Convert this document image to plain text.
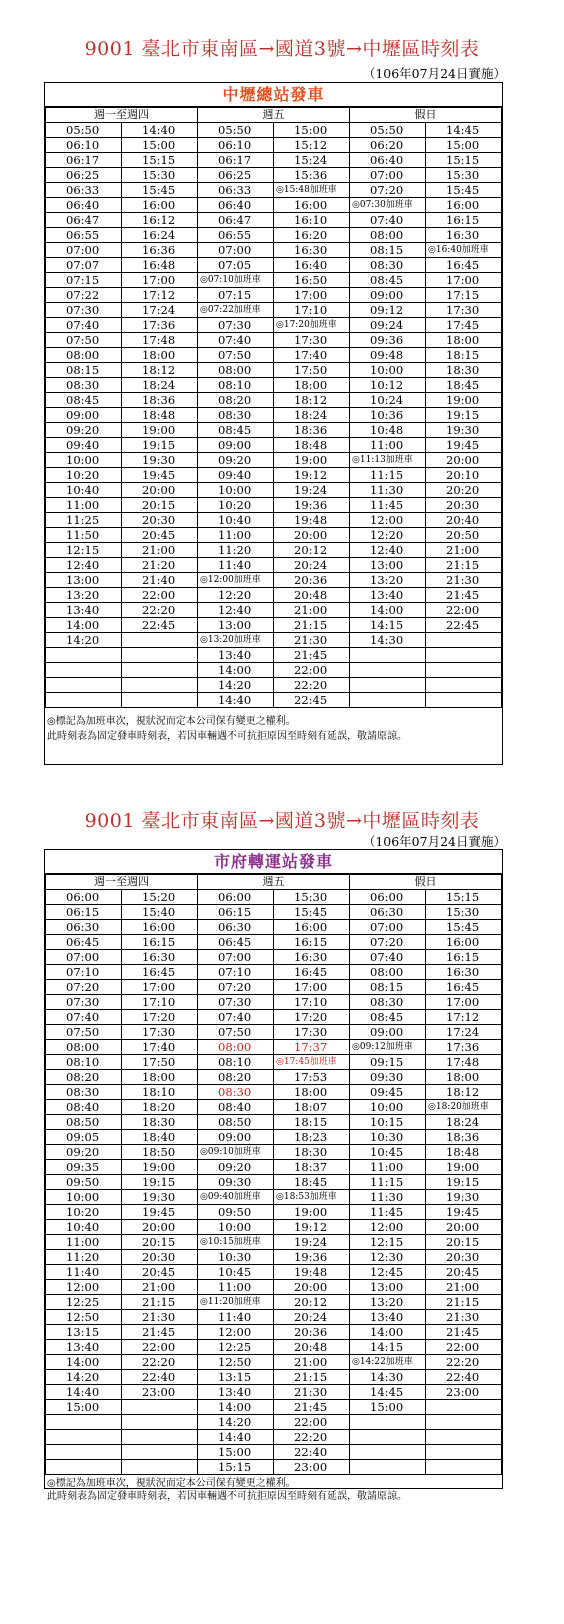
9001 臺北市東南區→國道3號→中壢區時刻表
（106年07月24日實施）
中壢總站發車
週一至週四		週五		假日	
05:50	14:40	05:50	15:00	05:50	14:45
06:10	15:00	06:10	15:12	06:20	15:00
06:17	15:15	06:17	15:24	06:40	15:15
06:25	15:30	06:25	15:36	07:00	15:30
06:33	15:45	06:33	◎15:48加班車	07:20	15:45
06:40	16:00	06:40	16:00	◎07:30加班車	16:00
06:47	16:12	06:47	16:10	07:40	16:15
06:55	16:24	06:55	16:20	08:00	16:30
07:00	16:36	07:00	16:30	08:15	◎16:40加班車
07:07	16:48	07:05	16:40	08:30	16:45
07:15	17:00	◎07:10加班車	16:50	08:45	17:00
07:22	17:12	07:15	17:00	09:00	17:15
07:30	17:24	◎07:22加班車	17:10	09:12	17:30
07:40	17:36	07:30	◎17:20加班車	09:24	17:45
07:50	17:48	07:40	17:30	09:36	18:00
08:00	18:00	07:50	17:40	09:48	18:15
08:15	18:12	08:00	17:50	10:00	18:30
08:30	18:24	08:10	18:00	10:12	18:45
08:45	18:36	08:20	18:12	10:24	19:00
09:00	18:48	08:30	18:24	10:36	19:15
09:20	19:00	08:45	18:36	10:48	19:30
09:40	19:15	09:00	18:48	11:00	19:45
10:00	19:30	09:20	19:00	◎11:13加班車	20:00
10:20	19:45	09:40	19:12	11:15	20:10
10:40	20:00	10:00	19:24	11:30	20:20
11:00	20:15	10:20	19:36	11:45	20:30
11:25	20:30	10:40	19:48	12:00	20:40
11:50	20:45	11:00	20:00	12:20	20:50
12:15	21:00	11:20	20:12	12:40	21:00
12:40	21:20	11:40	20:24	13:00	21:15
13:00	21:40	◎12:00加班車	20:36	13:20	21:30
13:20	22:00	12:20	20:48	13:40	21:45
13:40	22:20	12:40	21:00	14:00	22:00
14:00	22:45	13:00	21:15	14:15	22:45
14:20		◎13:20加班車	21:30	14:30	
		13:40	21:45		
		14:00	22:00		
		14:20	22:20		
		14:40	22:45		
◎標記為加班車次，視狀況而定本公司保有變更之權利。
此時刻表為固定發車時刻表，若因車輛遇不可抗拒原因至時刻有延誤，敬請原諒。
9001 臺北市東南區→國道3號→中壢區時刻表
（106年07月24日實施）
市府轉運站發車
週一至週四		週五		假日	
06:00	15:20	06:00	15:30	06:00	15:15
06:15	15:40	06:15	15:45	06:30	15:30
06:30	16:00	06:30	16:00	07:00	15:45
06:45	16:15	06:45	16:15	07:20	16:00
07:00	16:30	07:00	16:30	07:40	16:15
07:10	16:45	07:10	16:45	08:00	16:30
07:20	17:00	07:20	17:00	08:15	16:45
07:30	17:10	07:30	17:10	08:30	17:00
07:40	17:20	07:40	17:20	08:45	17:12
07:50	17:30	07:50	17:30	09:00	17:24
08:00	17:40	08:00	17:37	◎09:12加班車	17:36
08:10	17:50	08:10	◎17:45加班車	09:15	17:48
08:20	18:00	08:20	17:53	09:30	18:00
08:30	18:10	08:30	18:00	09:45	18:12
08:40	18:20	08:40	18:07	10:00	◎18:20加班車
08:50	18:30	08:50	18:15	10:15	18:24
09:05	18:40	09:00	18:23	10:30	18:36
09:20	18:50	◎09:10加班車	18:30	10:45	18:48
09:35	19:00	09:20	18:37	11:00	19:00
09:50	19:15	09:30	18:45	11:15	19:15
10:00	19:30	◎09:40加班車	◎18:53加班車	11:30	19:30
10:20	19:45	09:50	19:00	11:45	19:45
10:40	20:00	10:00	19:12	12:00	20:00
11:00	20:15	◎10:15加班車	19:24	12:15	20:15
11:20	20:30	10:30	19:36	12:30	20:30
11:40	20:45	10:45	19:48	12:45	20:45
12:00	21:00	11:00	20:00	13:00	21:00
12:25	21:15	◎11:20加班車	20:12	13:20	21:15
12:50	21:30	11:40	20:24	13:40	21:30
13:15	21:45	12:00	20:36	14:00	21:45
13:40	22:00	12:25	20:48	14:15	22:00
14:00	22:20	12:50	21:00	◎14:22加班車	22:20
14:20	22:40	13:15	21:15	14:30	22:40
14:40	23:00	13:40	21:30	14:45	23:00
15:00		14:00	21:45	15:00	
		14:20	22:00		
		14:40	22:20		
		15:00	22:40		
		15:15	23:00		
◎標記為加班車次，視狀況而定本公司保有變更之權利。
此時刻表為固定發車時刻表，若因車輛遇不可抗拒原因至時刻有延誤，敬請原諒。
